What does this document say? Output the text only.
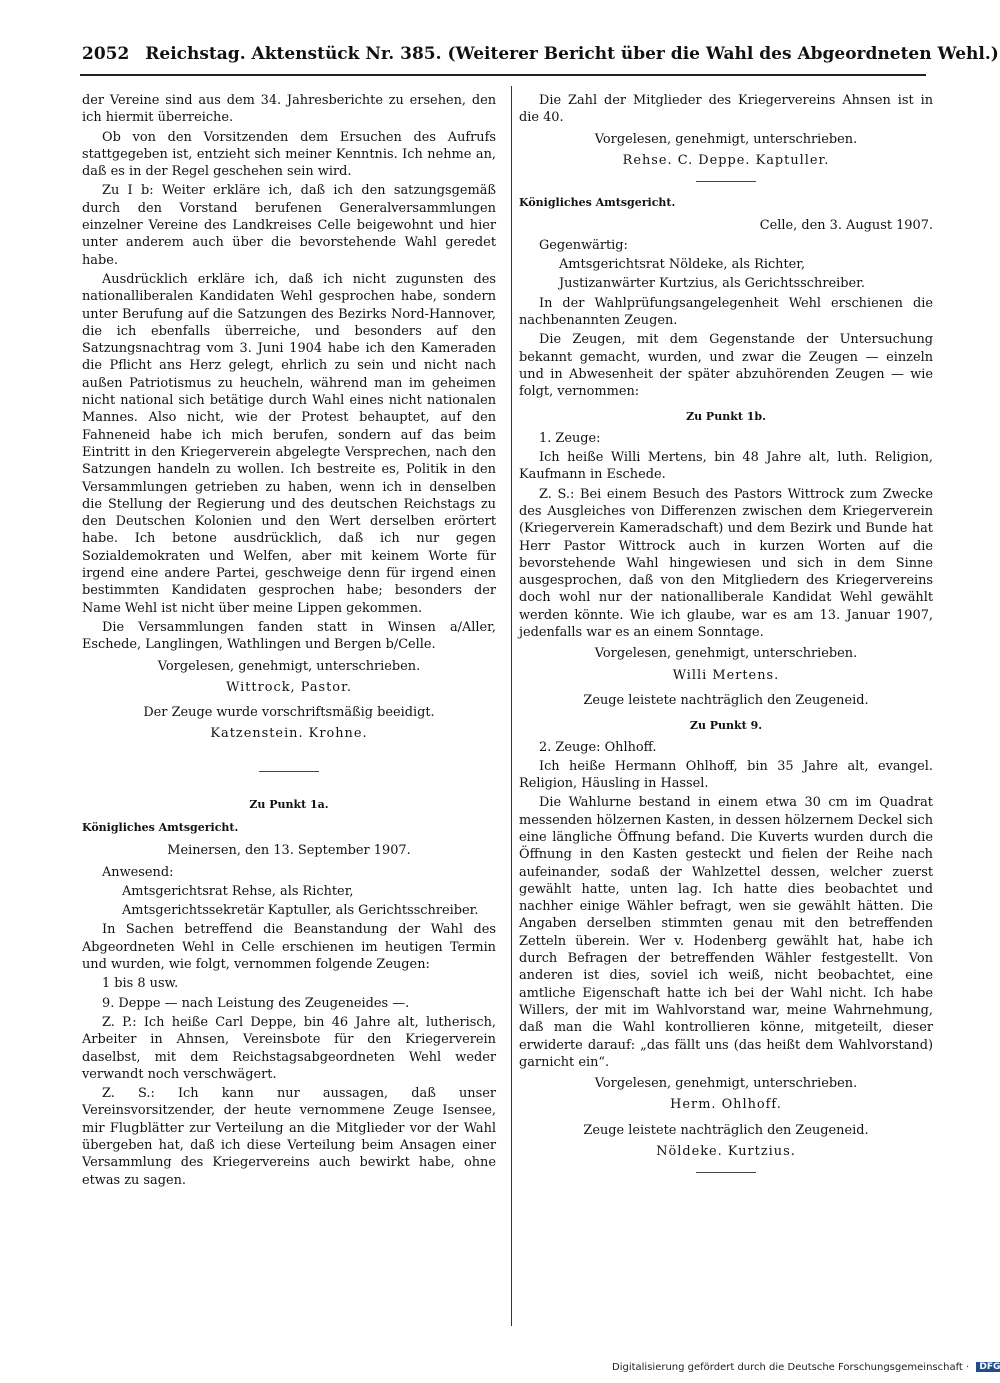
2052 Reichstag. Aktenstück Nr. 385. (Weiterer Bericht über die Wahl des Abgeordneten Wehl.)

der Vereine sind aus dem 34. Jahresberichte zu ersehen, den ich hiermit überreiche.

Ob von den Vorsitzenden dem Ersuchen des Aufrufs stattgegeben ist, entzieht sich meiner Kenntnis. Ich nehme an, daß es in der Regel geschehen sein wird.

Zu I b: Weiter erkläre ich, daß ich den satzungsgemäß durch den Vorstand berufenen Generalversammlungen einzelner Vereine des Landkreises Celle beigewohnt und hier unter anderem auch über die bevorstehende Wahl geredet habe.

Ausdrücklich erkläre ich, daß ich nicht zugunsten des nationalliberalen Kandidaten Wehl gesprochen habe, sondern unter Berufung auf die Satzungen des Bezirks Nord-Hannover, die ich ebenfalls überreiche, und besonders auf den Satzungsnachtrag vom 3. Juni 1904 habe ich den Kameraden die Pflicht ans Herz gelegt, ehrlich zu sein und nicht nach außen Patriotismus zu heucheln, während man im geheimen nicht national sich betätige durch Wahl eines nicht nationalen Mannes. Also nicht, wie der Protest behauptet, auf den Fahneneid habe ich mich berufen, sondern auf das beim Eintritt in den Kriegerverein abgelegte Versprechen, nach den Satzungen handeln zu wollen. Ich bestreite es, Politik in den Versammlungen getrieben zu haben, wenn ich in denselben die Stellung der Regierung und des deutschen Reichstags zu den Deutschen Kolonien und den Wert derselben erörtert habe. Ich betone ausdrücklich, daß ich nur gegen Sozialdemokraten und Welfen, aber mit keinem Worte für irgend eine andere Partei, geschweige denn für irgend einen bestimmten Kandidaten gesprochen habe; besonders der Name Wehl ist nicht über meine Lippen gekommen.

Die Versammlungen fanden statt in Winsen a/Aller, Eschede, Langlingen, Wathlingen und Bergen b/Celle.

Vorgelesen, genehmigt, unterschrieben.

Wittrock, Pastor.

Der Zeuge wurde vorschriftsmäßig beeidigt.

Katzenstein. Krohne.

Zu Punkt 1a.

Königliches Amtsgericht.

Meinersen, den 13. September 1907.

Anwesend:

Amtsgerichtsrat Rehse, als Richter,

Amtsgerichtssekretär Kaptuller, als Gerichtsschreiber.

In Sachen betreffend die Beanstandung der Wahl des Abgeordneten Wehl in Celle erschienen im heutigen Termin und wurden, wie folgt, vernommen folgende Zeugen:

1 bis 8 usw.

9. Deppe — nach Leistung des Zeugeneides —.

Z. P.: Ich heiße Carl Deppe, bin 46 Jahre alt, lutherisch, Arbeiter in Ahnsen, Vereinsbote für den Kriegerverein daselbst, mit dem Reichstagsabgeordneten Wehl weder verwandt noch verschwägert.

Z. S.: Ich kann nur aussagen, daß unser Vereinsvorsitzender, der heute vernommene Zeuge Isensee, mir Flugblätter zur Verteilung an die Mitglieder vor der Wahl übergeben hat, daß ich diese Verteilung beim Ansagen einer Versammlung des Kriegervereins auch bewirkt habe, ohne etwas zu sagen.

Die Zahl der Mitglieder des Kriegervereins Ahnsen ist in die 40.

Vorgelesen, genehmigt, unterschrieben.

Rehse. C. Deppe. Kaptuller.

Königliches Amtsgericht.

Celle, den 3. August 1907.

Gegenwärtig:

Amtsgerichtsrat Nöldeke, als Richter,

Justizanwärter Kurtzius, als Gerichtsschreiber.

In der Wahlprüfungsangelegenheit Wehl erschienen die nachbenannten Zeugen.

Die Zeugen, mit dem Gegenstande der Untersuchung bekannt gemacht, wurden, und zwar die Zeugen — einzeln und in Abwesenheit der später abzuhörenden Zeugen — wie folgt, vernommen:

Zu Punkt 1b.

1. Zeuge:

Ich heiße Willi Mertens, bin 48 Jahre alt, luth. Religion, Kaufmann in Eschede.

Z. S.: Bei einem Besuch des Pastors Wittrock zum Zwecke des Ausgleiches von Differenzen zwischen dem Kriegerverein (Kriegerverein Kameradschaft) und dem Bezirk und Bunde hat Herr Pastor Wittrock auch in kurzen Worten auf die bevorstehende Wahl hingewiesen und sich in dem Sinne ausgesprochen, daß von den Mitgliedern des Kriegervereins doch wohl nur der nationalliberale Kandidat Wehl gewählt werden könnte. Wie ich glaube, war es am 13. Januar 1907, jedenfalls war es an einem Sonntage.

Vorgelesen, genehmigt, unterschrieben.

Willi Mertens.

Zeuge leistete nachträglich den Zeugeneid.

Zu Punkt 9.

2. Zeuge: Ohlhoff.

Ich heiße Hermann Ohlhoff, bin 35 Jahre alt, evangel. Religion, Häusling in Hassel.

Die Wahlurne bestand in einem etwa 30 cm im Quadrat messenden hölzernen Kasten, in dessen hölzernem Deckel sich eine längliche Öffnung befand. Die Kuverts wurden durch die Öffnung in den Kasten gesteckt und fielen der Reihe nach aufeinander, sodaß der Wahlzettel dessen, welcher zuerst gewählt hatte, unten lag. Ich hatte dies beobachtet und nachher einige Wähler befragt, wen sie gewählt hätten. Die Angaben derselben stimmten genau mit den betreffenden Zetteln überein. Wer v. Hodenberg gewählt hat, habe ich durch Befragen der betreffenden Wähler festgestellt. Von anderen ist dies, soviel ich weiß, nicht beobachtet, eine amtliche Eigenschaft hatte ich bei der Wahl nicht. Ich habe Willers, der mit im Wahlvorstand war, meine Wahrnehmung, daß man die Wahl kontrollieren könne, mitgeteilt, dieser erwiderte darauf: „das fällt uns (das heißt dem Wahlvorstand) garnicht ein“.

Vorgelesen, genehmigt, unterschrieben.

Herm. Ohlhoff.

Zeuge leistete nachträglich den Zeugeneid.

Nöldeke. Kurtzius.

Digitalisierung gefördert durch die Deutsche Forschungsgemeinschaft · DFG
